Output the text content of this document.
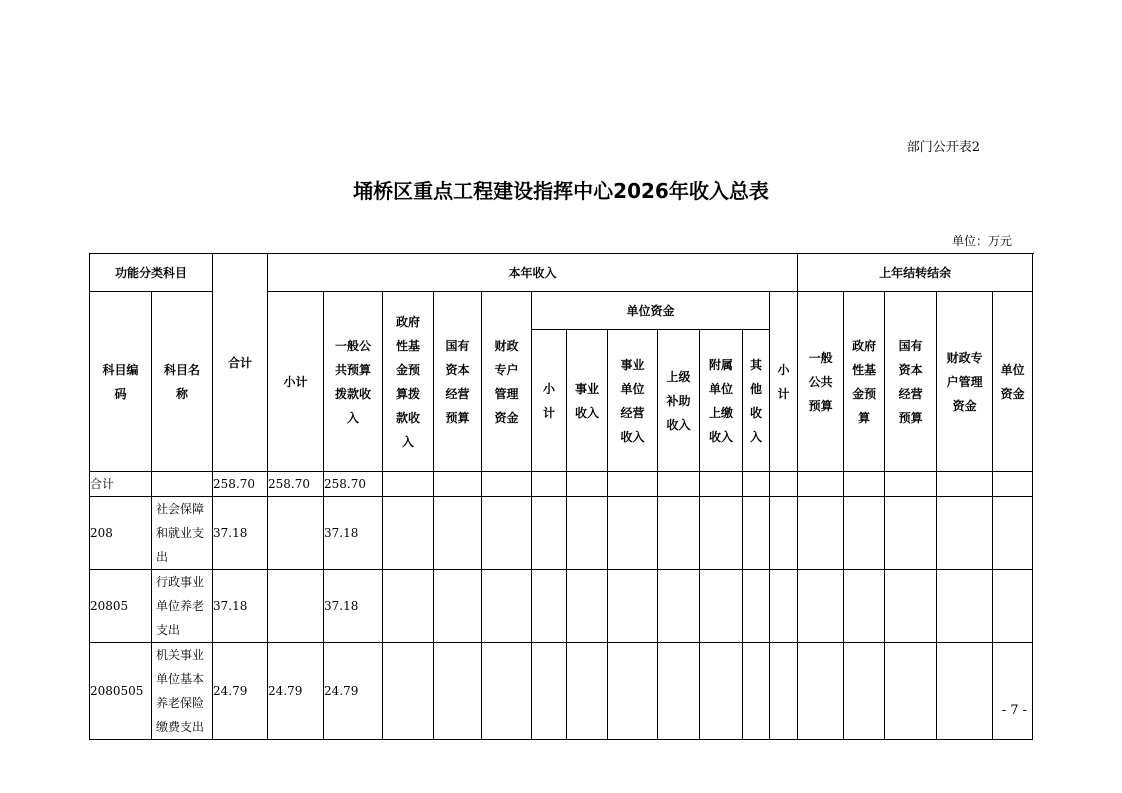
部门公开表2
埇桥区重点工程建设指挥中心2026年收入总表
单位：万元
功能分类科目		合计	本年收入												上年结转结余				
科目编码	科目名称		小计	一般公共预算拨款收入	政府性基金预算拨款收入	国有资本经营预算	财政专户管理资金	单位资金						小计	一般公共预算	政府性基金预算	国有资本经营预算	财政专户管理资金	单位资金
								小计	事业收入	事业单位经营收入	上级补助收入	附属单位上缴收入	其他收入						

合计		258.70	258.70	258.70															
208	社会保障和就业支出	37.18		37.18															
20805	行政事业单位养老支出	37.18		37.18															
2080505	机关事业单位基本养老保险缴费支出	24.79	24.79	24.79															
- 7 -
